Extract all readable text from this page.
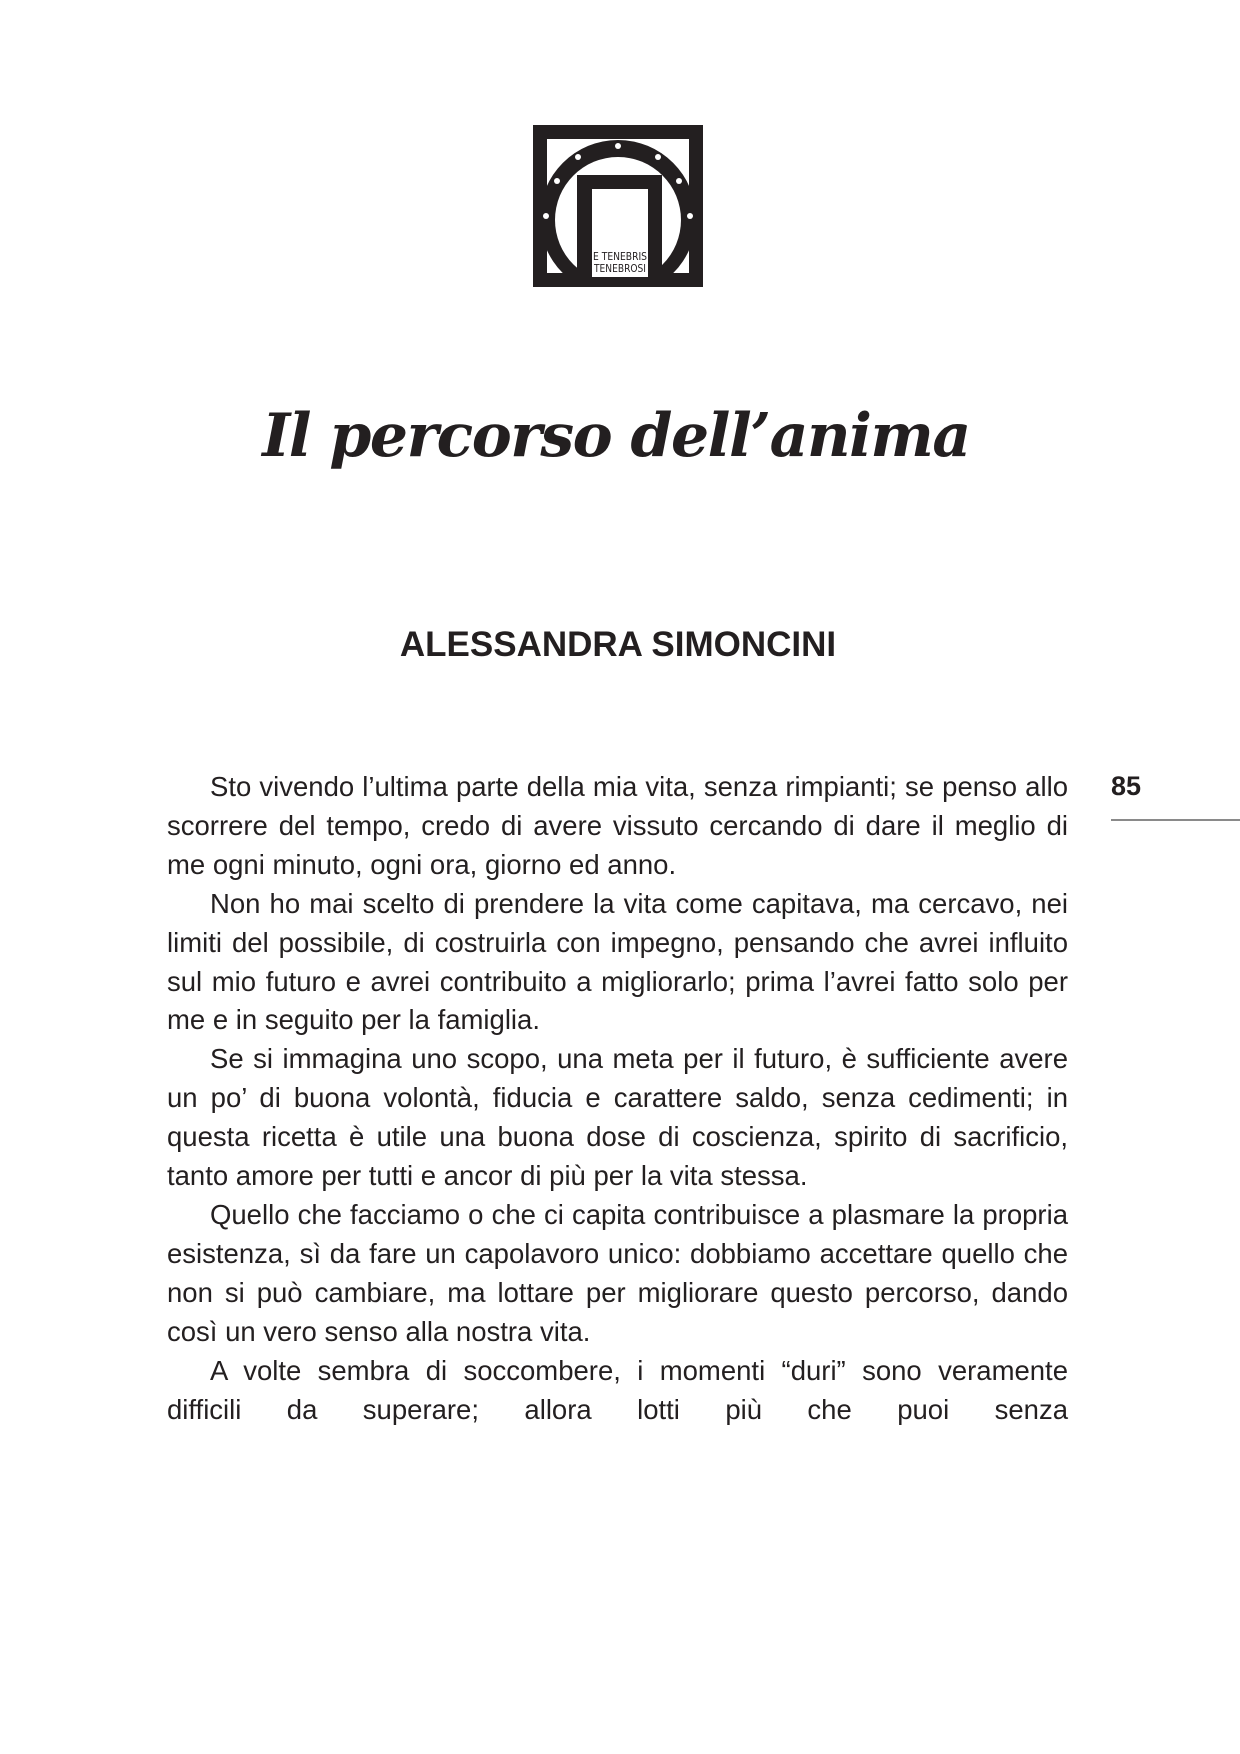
E TENEBRIS
TENEBROSI
Il percorso dell’anima
ALESSANDRA SIMONCINI

Sto vivendo l’ultima parte della mia vita, senza rimpianti; se penso allo scorrere del tempo, credo di avere vissuto cercando di dare il meglio di me ogni minuto, ogni ora, giorno ed anno.

Non ho mai scelto di prendere la vita come capitava, ma cercavo, nei limiti del possibile, di costruirla con impegno, pensando che avrei influito sul mio futuro e avrei contribuito a migliorarlo; prima l’avrei fatto solo per me e in seguito per la famiglia.

Se si immagina uno scopo, una meta per il futuro, è sufficiente avere un po’ di buona volontà, fiducia e carattere saldo, senza cedimenti; in questa ricetta è utile una buona dose di coscienza, spirito di sacrificio, tanto amore per tutti e ancor di più per la vita stessa.

Quello che facciamo o che ci capita contribuisce a plasmare la propria esistenza, sì da fare un capolavoro unico: dobbiamo accettare quello che non si può cambiare, ma lottare per migliorare questo percorso, dando così un vero senso alla nostra vita.

A volte sembra di soccombere, i momenti “duri” sono veramente difficili da superare; allora lotti più che puoi senza

85
